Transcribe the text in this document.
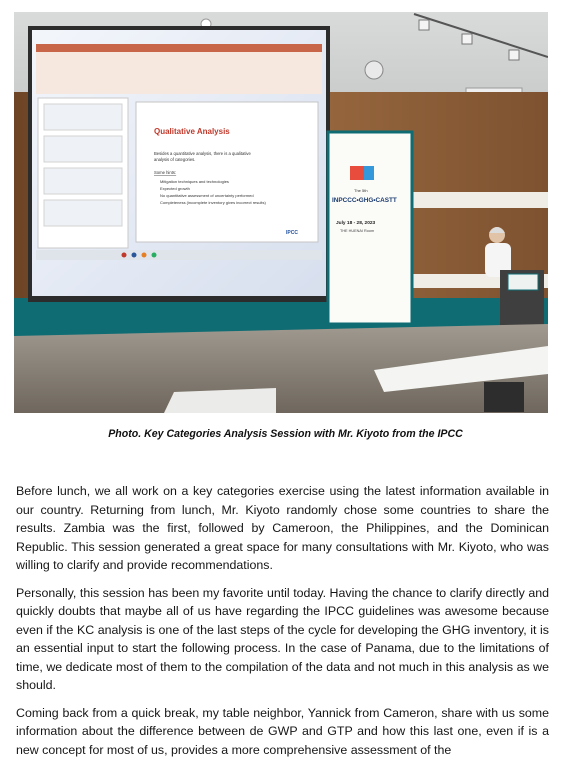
Qualitative Analysis
Besides a quantitative analysis, there is a qualitative
analysis of categories.
Some hints:
Mitigation techniques and technologies
Expected growth
No quantitative assessment of uncertainty performed
Completeness (incomplete inventory gives incorrect results)
IPCC
The 5th
INPCCC•GHG•CASTT
July 18 - 28, 2023
THE HUENAI Room
Photo. Key Categories Analysis Session with Mr. Kiyoto from the IPCC

Before lunch, we all work on a key categories exercise using the latest information available in our country. Returning from lunch, Mr. Kiyoto randomly chose some countries to share the results. Zambia was the first, followed by Cameroon, the Philippines, and the Dominican Republic. This session generated a great space for many consultations with Mr. Kiyoto, who was willing to clarify and provide recommendations.

Personally, this session has been my favorite until today. Having the chance to clarify directly and quickly doubts that maybe all of us have regarding the IPCC guidelines was awesome because even if the KC analysis is one of the last steps of the cycle for developing the GHG inventory, it is an essential input to start the following process. In the case of Panama, due to the limitations of time, we dedicate most of them to the compilation of the data and not much in this analysis as we should.

Coming back from a quick break, my table neighbor, Yannick from Cameron, share with us some information about the difference between de GWP and GTP and how this last one, even if is a new concept for most of us, provides a more comprehensive assessment of the
